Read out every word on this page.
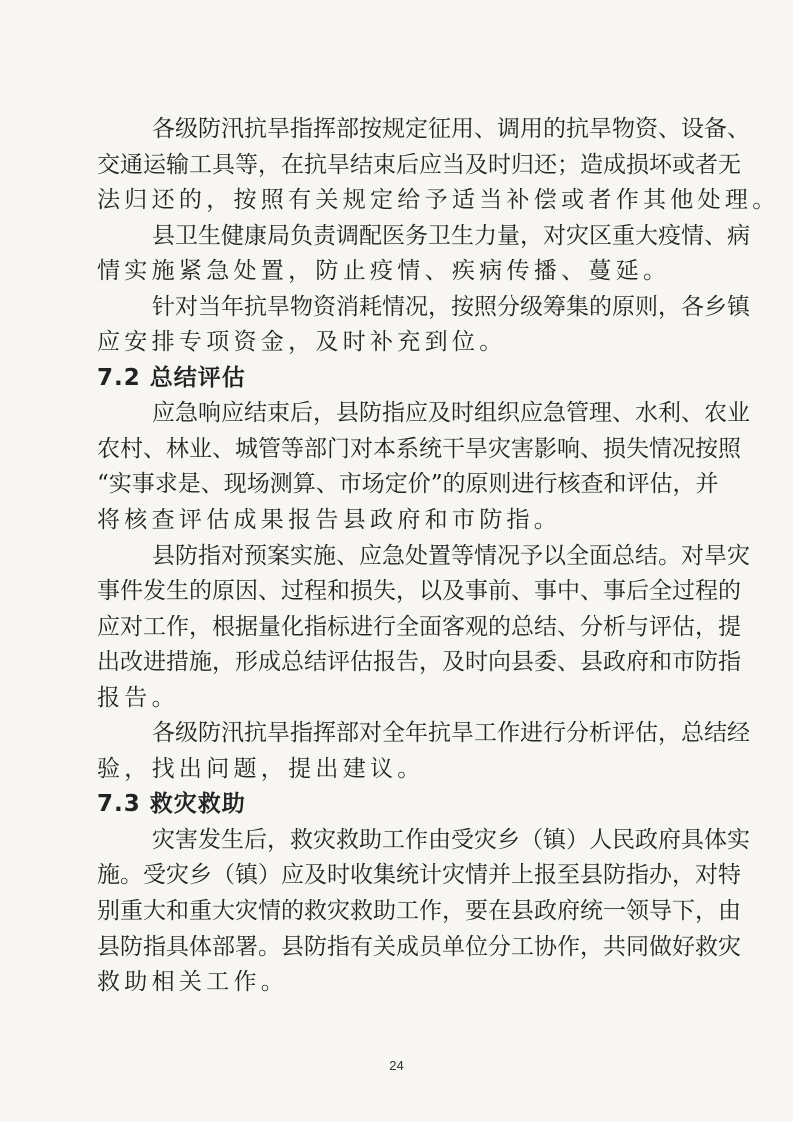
各级防汛抗旱指挥部按规定征用、调用的抗旱物资、设备、
交通运输工具等，在抗旱结束后应当及时归还；造成损坏或者无
法归还的，按照有关规定给予适当补偿或者作其他处理。
县卫生健康局负责调配医务卫生力量，对灾区重大疫情、病
情实施紧急处置，防止疫情、疾病传播、蔓延。
针对当年抗旱物资消耗情况，按照分级筹集的原则，各乡镇
应安排专项资金，及时补充到位。
7.2 总结评估
应急响应结束后，县防指应及时组织应急管理、水利、农业
农村、林业、城管等部门对本系统干旱灾害影响、损失情况按照
“实事求是、现场测算、市场定价”的原则进行核查和评估，并
将核查评估成果报告县政府和市防指。
县防指对预案实施、应急处置等情况予以全面总结。对旱灾
事件发生的原因、过程和损失，以及事前、事中、事后全过程的
应对工作，根据量化指标进行全面客观的总结、分析与评估，提
出改进措施，形成总结评估报告，及时向县委、县政府和市防指
报告。
各级防汛抗旱指挥部对全年抗旱工作进行分析评估，总结经
验，找出问题，提出建议。
7.3 救灾救助
灾害发生后，救灾救助工作由受灾乡（镇）人民政府具体实
施。受灾乡（镇）应及时收集统计灾情并上报至县防指办，对特
别重大和重大灾情的救灾救助工作，要在县政府统一领导下，由
县防指具体部署。县防指有关成员单位分工协作，共同做好救灾
救助相关工作。
24
